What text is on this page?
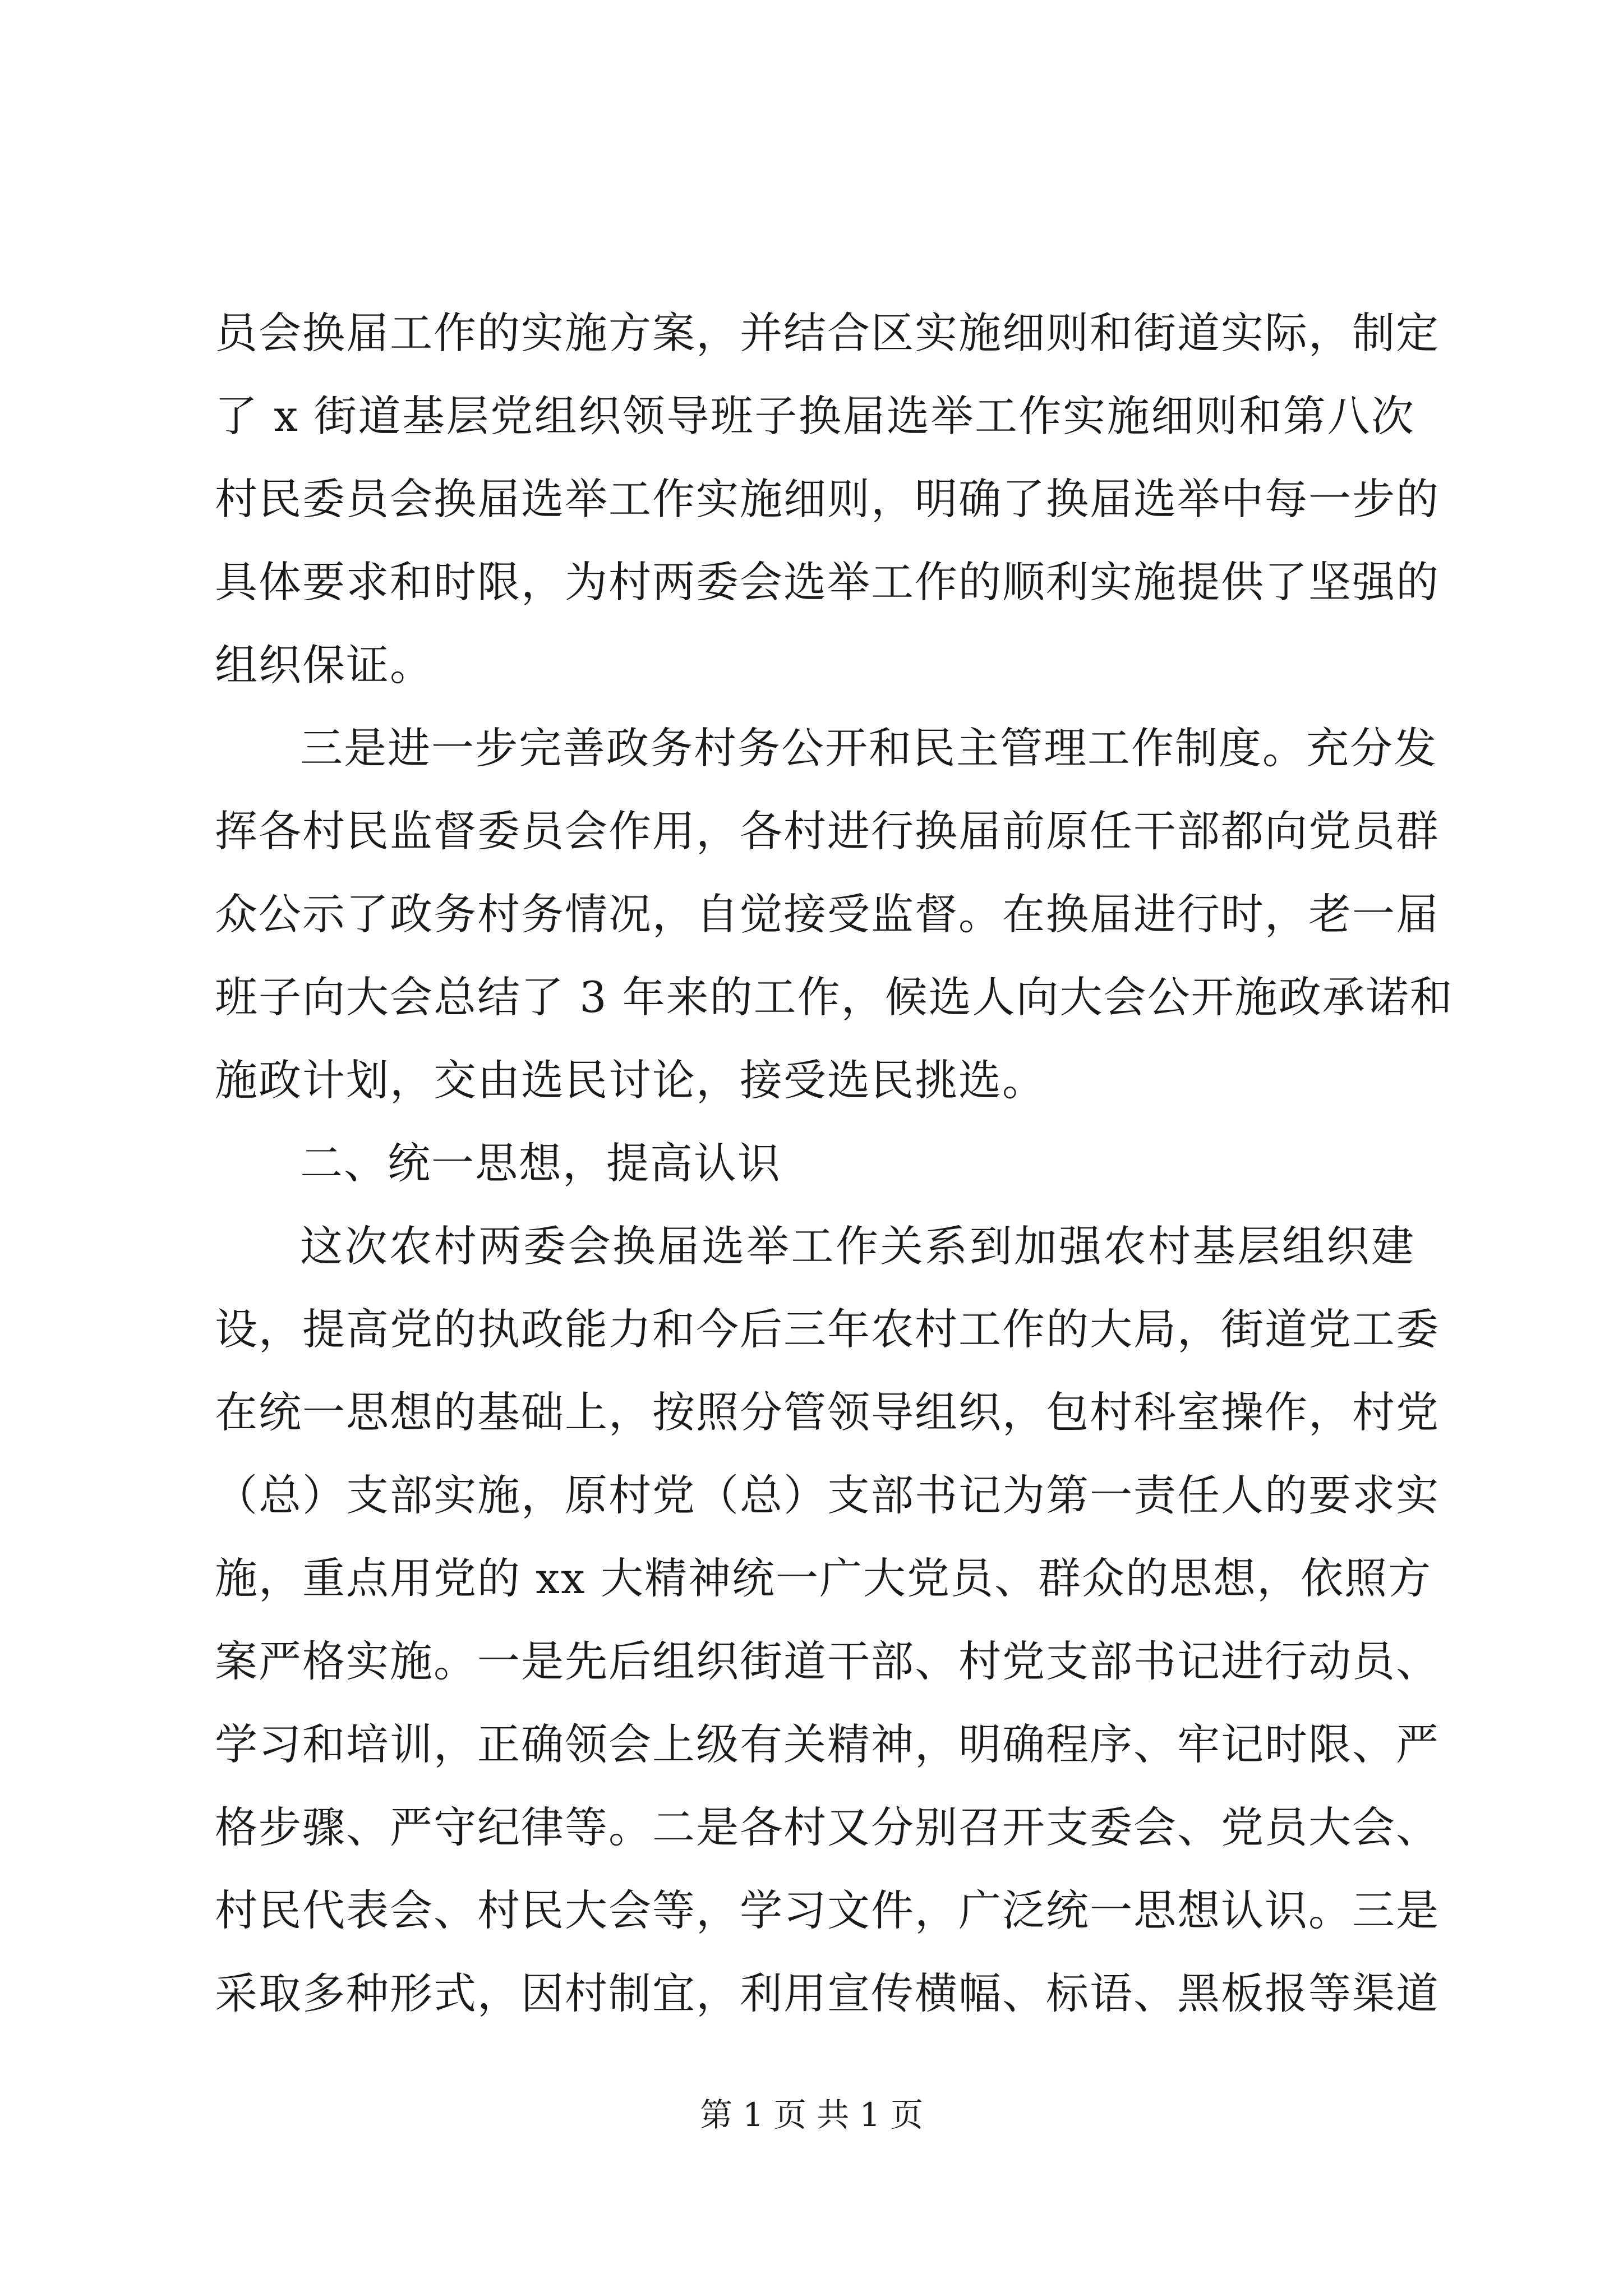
员会换届工作的实施方案，并结合区实施细则和街道实际，制定
了 x 街道基层党组织领导班子换届选举工作实施细则和第八次
村民委员会换届选举工作实施细则，明确了换届选举中每一步的
具体要求和时限，为村两委会选举工作的顺利实施提供了坚强的
组织保证。
三是进一步完善政务村务公开和民主管理工作制度。充分发
挥各村民监督委员会作用，各村进行换届前原任干部都向党员群
众公示了政务村务情况，自觉接受监督。在换届进行时，老一届
班子向大会总结了 3 年来的工作，候选人向大会公开施政承诺和
施政计划，交由选民讨论，接受选民挑选。
二、统一思想，提高认识
这次农村两委会换届选举工作关系到加强农村基层组织建
设，提高党的执政能力和今后三年农村工作的大局，街道党工委
在统一思想的基础上，按照分管领导组织，包村科室操作，村党
（总）支部实施，原村党（总）支部书记为第一责任人的要求实
施，重点用党的 xx 大精神统一广大党员、群众的思想，依照方
案严格实施。一是先后组织街道干部、村党支部书记进行动员、
学习和培训，正确领会上级有关精神，明确程序、牢记时限、严
格步骤、严守纪律等。二是各村又分别召开支委会、党员大会、
村民代表会、村民大会等，学习文件，广泛统一思想认识。三是
采取多种形式，因村制宜，利用宣传横幅、标语、黑板报等渠道
第 1 页 共 1 页
